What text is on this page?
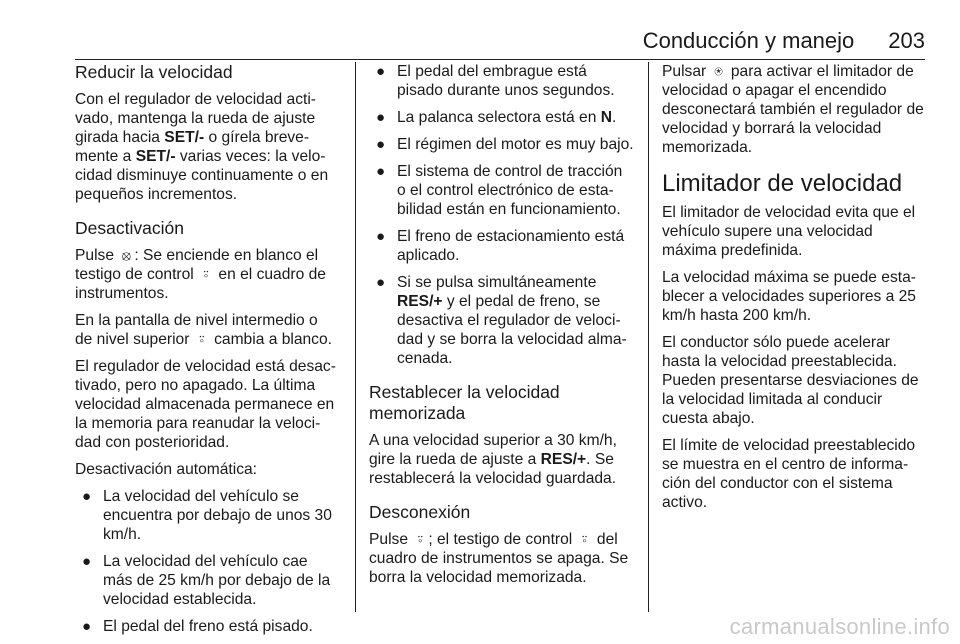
Conducción y manejo 203
Reducir la velocidad

Con el regulador de velocidad acti-vado, mantenga la rueda de ajuste girada hacia SET/- o gírela breve-mente a SET/- varias veces: la velo-cidad disminuye continuamente o en pequeños incrementos.

Desactivación

Pulse ⦻ : Se enciende en blanco el testigo de control ⍤ en el cuadro de instrumentos.

En la pantalla de nivel intermedio o de nivel superior ⍤ cambia a blanco.

El regulador de velocidad está desac-tivado, pero no apagado. La última velocidad almacenada permanece en la memoria para reanudar la veloci-dad con posterioridad.

Desactivación automática:

● La velocidad del vehículo se encuentra por debajo de unos 30 km/h.
● La velocidad del vehículo cae más de 25 km/h por debajo de la velocidad establecida.
● El pedal del freno está pisado.
● El pedal del embrague está pisado durante unos segundos.
● La palanca selectora está en N.
● El régimen del motor es muy bajo.
● El sistema de control de tracción o el control electrónico de esta-bilidad están en funcionamiento.
● El freno de estacionamiento está aplicado.
● Si se pulsa simultáneamente RES/+ y el pedal de freno, se desactiva el regulador de veloci-dad y se borra la velocidad alma-cenada.
Restablecer la velocidad memorizada

A una velocidad superior a 30 km/h, gire la rueda de ajuste a RES/+. Se restablecerá la velocidad guardada.

Desconexión

Pulse ⍤ ; el testigo de control ⍤ del cuadro de instrumentos se apaga. Se borra la velocidad memorizada.

Pulsar ⍟ para activar el limitador de velocidad o apagar el encendido desconectará también el regulador de velocidad y borrará la velocidad memorizada.

Limitador de velocidad

El limitador de velocidad evita que el vehículo supere una velocidad máxima predefinida.

La velocidad máxima se puede esta-blecer a velocidades superiores a 25 km/h hasta 200 km/h.

El conductor sólo puede acelerar hasta la velocidad preestablecida. Pueden presentarse desviaciones de la velocidad limitada al conducir cuesta abajo.

El límite de velocidad preestablecido se muestra en el centro de informa-ción del conductor con el sistema activo.

carmanualsonline.info
